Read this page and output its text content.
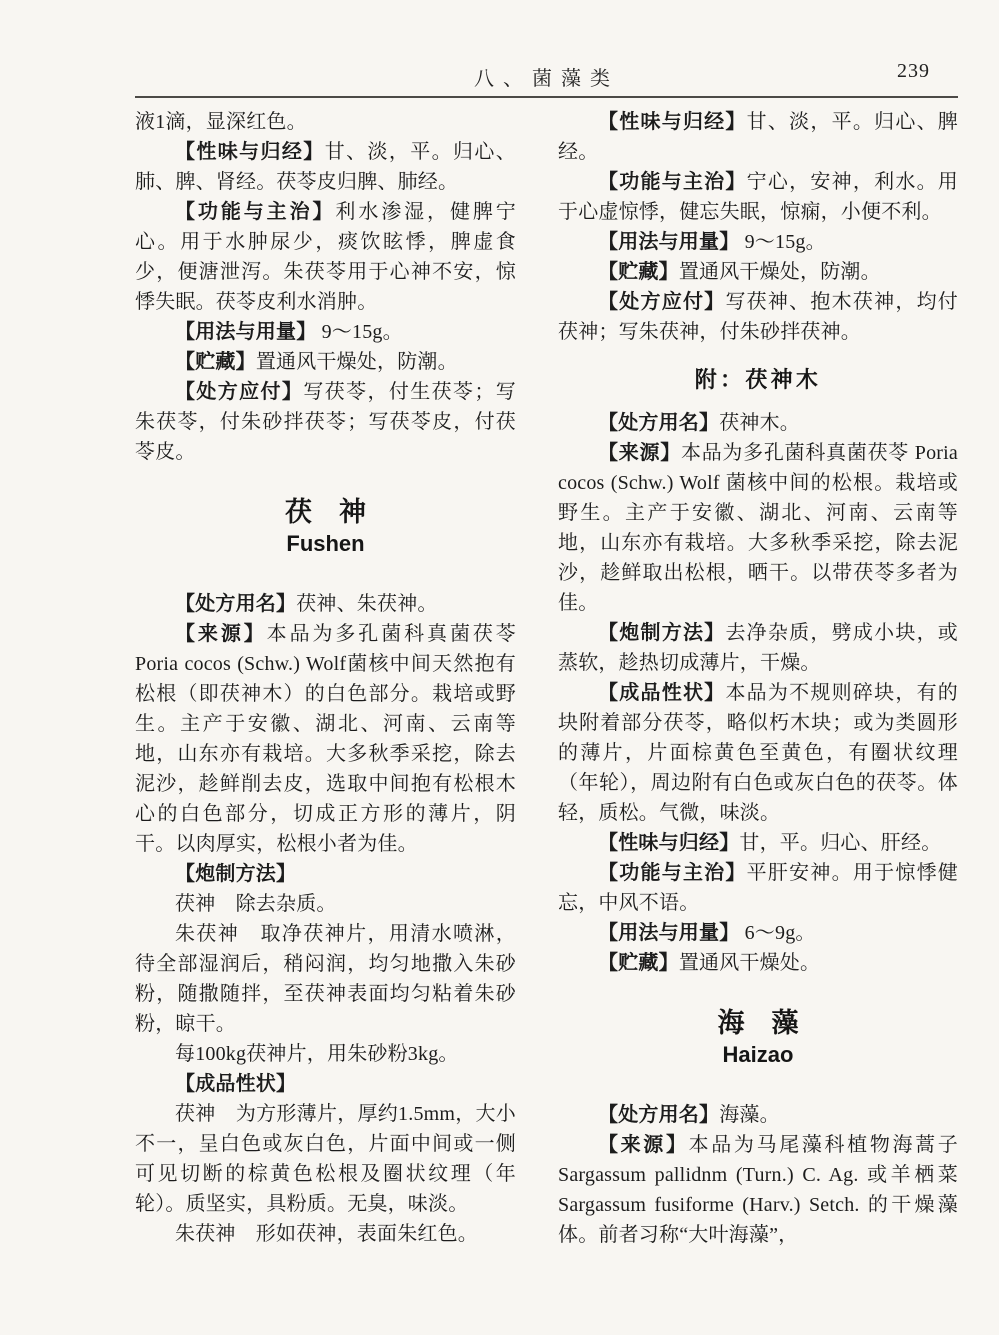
八、菌藻类	239

液1滴，显深红色。

【性味与归经】甘、淡，平。归心、肺、脾、肾经。茯苓皮归脾、肺经。

【功能与主治】利水渗湿，健脾宁心。用于水肿尿少，痰饮眩悸，脾虚食少，便溏泄泻。朱茯苓用于心神不安，惊悸失眠。茯苓皮利水消肿。

【用法与用量】 9～15g。

【贮藏】置通风干燥处，防潮。

【处方应付】写茯苓，付生茯苓；写朱茯苓，付朱砂拌茯苓；写茯苓皮，付茯苓皮。

茯　神
Fushen

【处方用名】茯神、朱茯神。

【来源】本品为多孔菌科真菌茯苓Poria cocos (Schw.) Wolf菌核中间天然抱有松根（即茯神木）的白色部分。栽培或野生。主产于安徽、湖北、河南、云南等地，山东亦有栽培。大多秋季采挖，除去泥沙，趁鲜削去皮，选取中间抱有松根木心的白色部分，切成正方形的薄片，阴干。以肉厚实，松根小者为佳。

【炮制方法】

茯神　除去杂质。

朱茯神　取净茯神片，用清水喷淋，待全部湿润后，稍闷润，均匀地撒入朱砂粉，随撒随拌，至茯神表面均匀粘着朱砂粉，晾干。

每100kg茯神片，用朱砂粉3kg。

【成品性状】

茯神　为方形薄片，厚约1.5mm，大小不一，呈白色或灰白色，片面中间或一侧可见切断的棕黄色松根及圈状纹理（年轮）。质坚实，具粉质。无臭，味淡。

朱茯神　形如茯神，表面朱红色。

【性味与归经】甘、淡，平。归心、脾经。

【功能与主治】宁心，安神，利水。用于心虚惊悸，健忘失眠，惊痫，小便不利。

【用法与用量】 9～15g。

【贮藏】置通风干燥处，防潮。

【处方应付】写茯神、抱木茯神，均付茯神；写朱茯神，付朱砂拌茯神。

附：茯神木

【处方用名】茯神木。

【来源】本品为多孔菌科真菌茯苓 Poria cocos (Schw.) Wolf 菌核中间的松根。栽培或野生。主产于安徽、湖北、河南、云南等地，山东亦有栽培。大多秋季采挖，除去泥沙，趁鲜取出松根，晒干。以带茯苓多者为佳。

【炮制方法】去净杂质，劈成小块，或蒸软，趁热切成薄片，干燥。

【成品性状】本品为不规则碎块，有的块附着部分茯苓，略似朽木块；或为类圆形的薄片，片面棕黄色至黄色，有圈状纹理（年轮），周边附有白色或灰白色的茯苓。体轻，质松。气微，味淡。

【性味与归经】甘，平。归心、肝经。

【功能与主治】平肝安神。用于惊悸健忘，中风不语。

【用法与用量】 6～9g。

【贮藏】置通风干燥处。

海　藻
Haizao

【处方用名】海藻。

【来源】本品为马尾藻科植物海蒿子 Sargassum pallidnm (Turn.) C. Ag. 或羊栖菜 Sargassum fusiforme (Harv.) Setch. 的干燥藻体。前者习称“大叶海藻”，
